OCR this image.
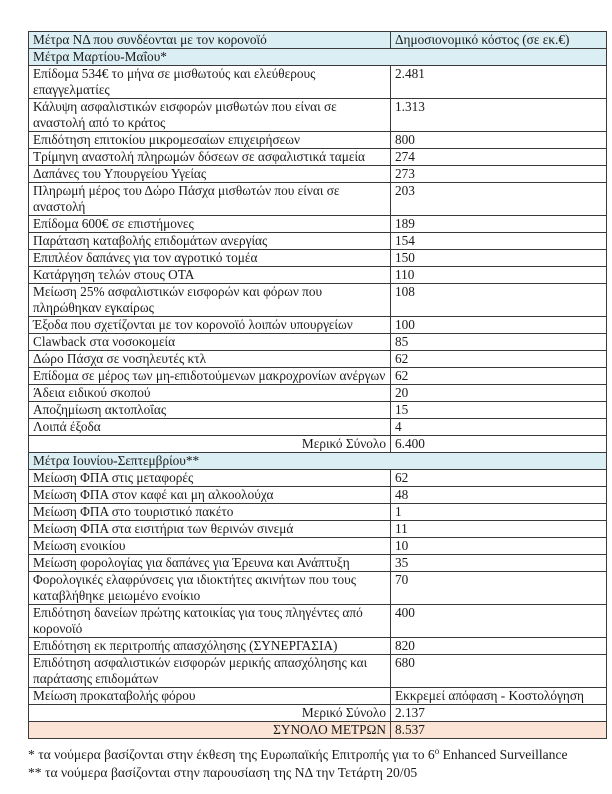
Μέτρα ΝΔ που συνδέονται με τον κορονοϊό	Δημοσιονομικό κόστος (σε εκ.€)
Μέτρα Μαρτίου-Μαΐου*	
Επίδομα 534€ το μήνα σε μισθωτούς και ελεύθερους επαγγελματίες	2.481
Κάλυψη ασφαλιστικών εισφορών μισθωτών που είναι σε αναστολή από το κράτος	1.313
Επιδότηση επιτοκίου μικρομεσαίων επιχειρήσεων	800
Τρίμηνη αναστολή πληρωμών δόσεων σε ασφαλιστικά ταμεία	274
Δαπάνες του Υπουργείου Υγείας	273
Πληρωμή μέρος του Δώρο Πάσχα μισθωτών που είναι σε αναστολή	203
Επίδομα 600€ σε επιστήμονες	189
Παράταση καταβολής επιδομάτων ανεργίας	154
Επιπλέον δαπάνες για τον αγροτικό τομέα	150
Κατάργηση τελών στους ΟΤΑ	110
Μείωση 25% ασφαλιστικών εισφορών και φόρων που πληρώθηκαν εγκαίρως	108
Έξοδα που σχετίζονται με τον κορονοϊό λοιπών υπουργείων	100
Clawback στα νοσοκομεία	85
Δώρο Πάσχα σε νοσηλευτές κτλ	62
Επίδομα σε μέρος των μη-επιδοτούμενων μακροχρονίων ανέργων	62
Άδεια ειδικού σκοπού	20
Αποζημίωση ακτοπλοΐας	15
Λοιπά έξοδα	4
Μερικό Σύνολο	6.400
Μέτρα Ιουνίου-Σεπτεμβρίου**	
Μείωση ΦΠΑ στις μεταφορές	62
Μείωση ΦΠΑ στον καφέ και μη αλκοολούχα	48
Μείωση ΦΠΑ στο τουριστικό πακέτο	1
Μείωση ΦΠΑ στα εισιτήρια των θερινών σινεμά	11
Μείωση ενοικίου	10
Μείωση φορολογίας για δαπάνες για Έρευνα και Ανάπτυξη	35
Φορολογικές ελαφρύνσεις για ιδιοκτήτες ακινήτων που τους καταβλήθηκε μειωμένο ενοίκιο	70
Επιδότηση δανείων πρώτης κατοικίας για τους πληγέντες από κορονοϊό	400
Επιδότηση εκ περιτροπής απασχόλησης (ΣΥΝΕΡΓΑΣΙΑ)	820
Επιδότηση ασφαλιστικών εισφορών μερικής απασχόλησης και παράτασης επιδομάτων	680
Μείωση προκαταβολής φόρου	Εκκρεμεί απόφαση - Κοστολόγηση
Μερικό Σύνολο	2.137
ΣΥΝΟΛΟ ΜΕΤΡΩΝ	8.537
* τα νούμερα βασίζονται στην έκθεση της Ευρωπαϊκής Επιτροπής για το $6^o$ Enhanced Surveillance
** τα νούμερα βασίζονται στην παρουσίαση της ΝΔ την Τετάρτη 20/05
